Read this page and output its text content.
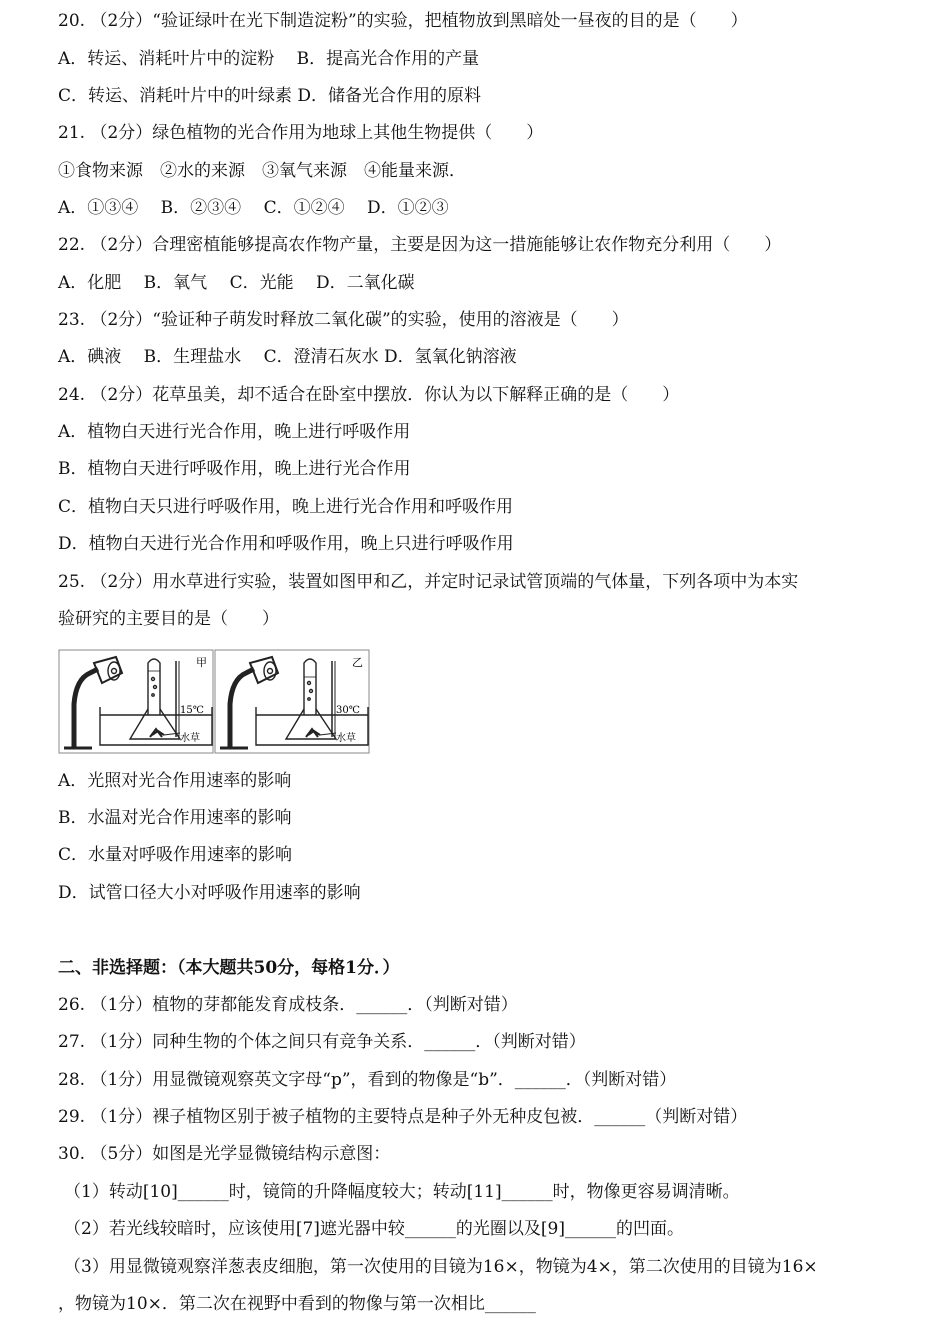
20. （2分）“验证绿叶在光下制造淀粉”的实验，把植物放到黑暗处一昼夜的目的是（　　）
A．转运、消耗叶片中的淀粉　 B．提高光合作用的产量
C．转运、消耗叶片中的叶绿素 D．储备光合作用的原料
21. （2分）绿色植物的光合作用为地球上其他生物提供（　　）
①食物来源　②水的来源　③氧气来源　④能量来源．
A．①③④　 B．②③④　 C．①②④　 D．①②③
22. （2分）合理密植能够提高农作物产量，主要是因为这一措施能够让农作物充分利用（　　）
A．化肥　 B．氧气　 C．光能　 D．二氧化碳
23. （2分）“验证种子萌发时释放二氧化碳”的实验，使用的溶液是（　　）
A．碘液　 B．生理盐水　 C．澄清石灰水 D．氢氧化钠溶液
24. （2分）花草虽美，却不适合在卧室中摆放．你认为以下解释正确的是（　　）
A．植物白天进行光合作用，晚上进行呼吸作用
B．植物白天进行呼吸作用，晚上进行光合作用
C．植物白天只进行呼吸作用，晚上进行光合作用和呼吸作用
D．植物白天进行光合作用和呼吸作用，晚上只进行呼吸作用
25. （2分）用水草进行实验，装置如图甲和乙，并定时记录试管顶端的气体量，下列各项中为本实
验研究的主要目的是（　　）
甲
15℃
水草
乙
30℃
水草
A．光照对光合作用速率的影响
B．水温对光合作用速率的影响
C．水量对呼吸作用速率的影响
D．试管口径大小对呼吸作用速率的影响
二、非选择题：（本大题共50分，每格1分．）
26. （1分）植物的芽都能发育成枝条．______．（判断对错）
27. （1分）同种生物的个体之间只有竞争关系．______．（判断对错）
28. （1分）用显微镜观察英文字母“p”，看到的物像是“b”．______．（判断对错）
29. （1分）裸子植物区别于被子植物的主要特点是种子外无种皮包被．______（判断对错）
30. （5分）如图是光学显微镜结构示意图：
（1）转动[10]______时，镜筒的升降幅度较大；转动[11]______时，物像更容易调清晰。
（2）若光线较暗时，应该使用[7]遮光器中较______的光圈以及[9]______的凹面。
（3）用显微镜观察洋葱表皮细胞，第一次使用的目镜为16×，物镜为4×，第二次使用的目镜为16×
，物镜为10×．第二次在视野中看到的物像与第一次相比______
